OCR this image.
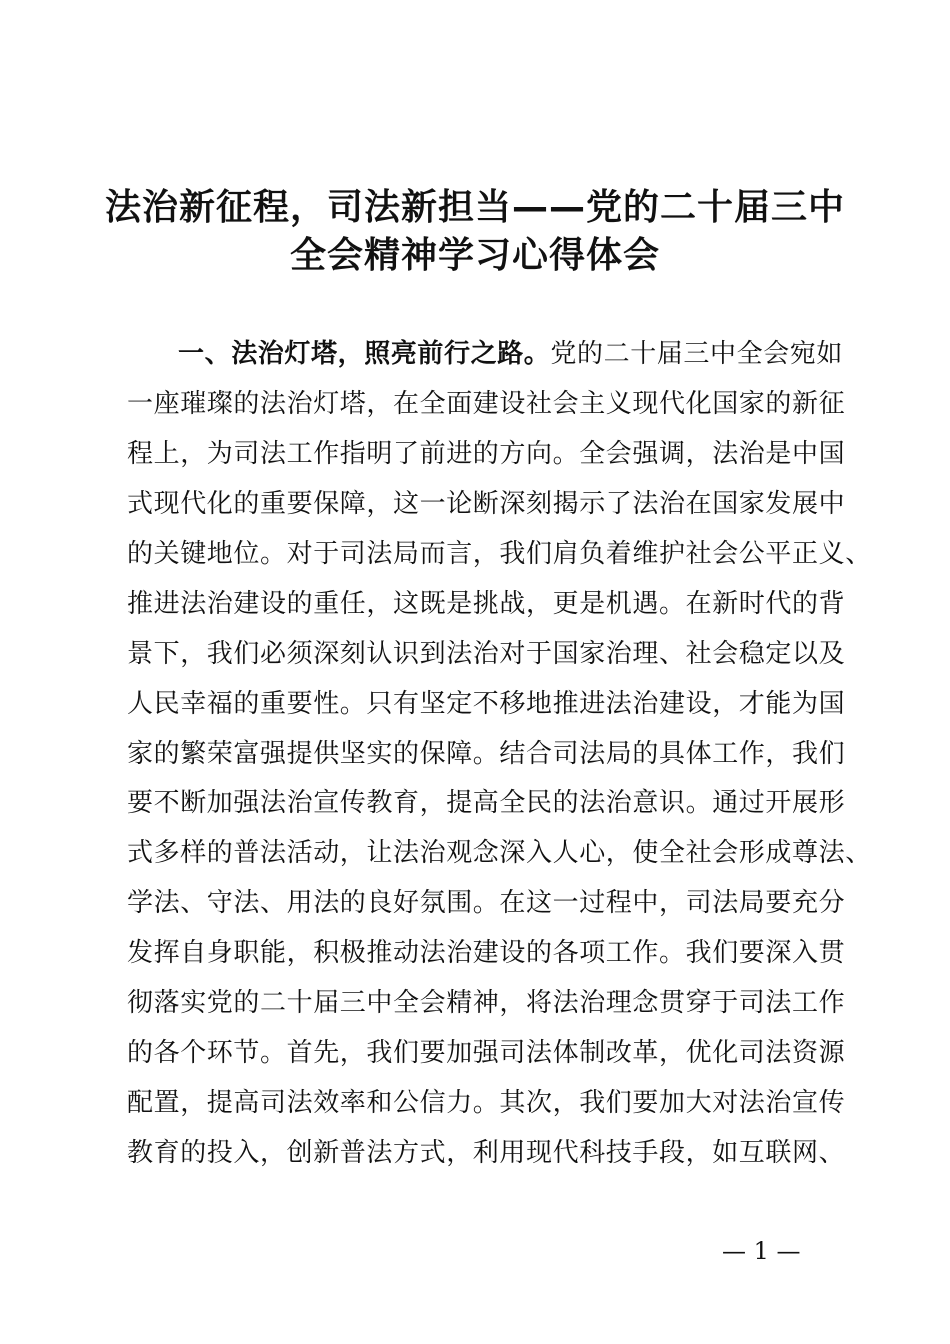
法治新征程，司法新担当——党的二十届三中
全会精神学习心得体会
一、法治灯塔，照亮前行之路。党的二十届三中全会宛如
一座璀璨的法治灯塔，在全面建设社会主义现代化国家的新征
程上，为司法工作指明了前进的方向。全会强调，法治是中国
式现代化的重要保障，这一论断深刻揭示了法治在国家发展中
的关键地位。对于司法局而言，我们肩负着维护社会公平正义、
推进法治建设的重任，这既是挑战，更是机遇。在新时代的背
景下，我们必须深刻认识到法治对于国家治理、社会稳定以及
人民幸福的重要性。只有坚定不移地推进法治建设，才能为国
家的繁荣富强提供坚实的保障。结合司法局的具体工作，我们
要不断加强法治宣传教育，提高全民的法治意识。通过开展形
式多样的普法活动，让法治观念深入人心，使全社会形成尊法、
学法、守法、用法的良好氛围。在这一过程中，司法局要充分
发挥自身职能，积极推动法治建设的各项工作。我们要深入贯
彻落实党的二十届三中全会精神，将法治理念贯穿于司法工作
的各个环节。首先，我们要加强司法体制改革，优化司法资源
配置，提高司法效率和公信力。其次，我们要加大对法治宣传
教育的投入，创新普法方式，利用现代科技手段，如互联网、
— 1 —
